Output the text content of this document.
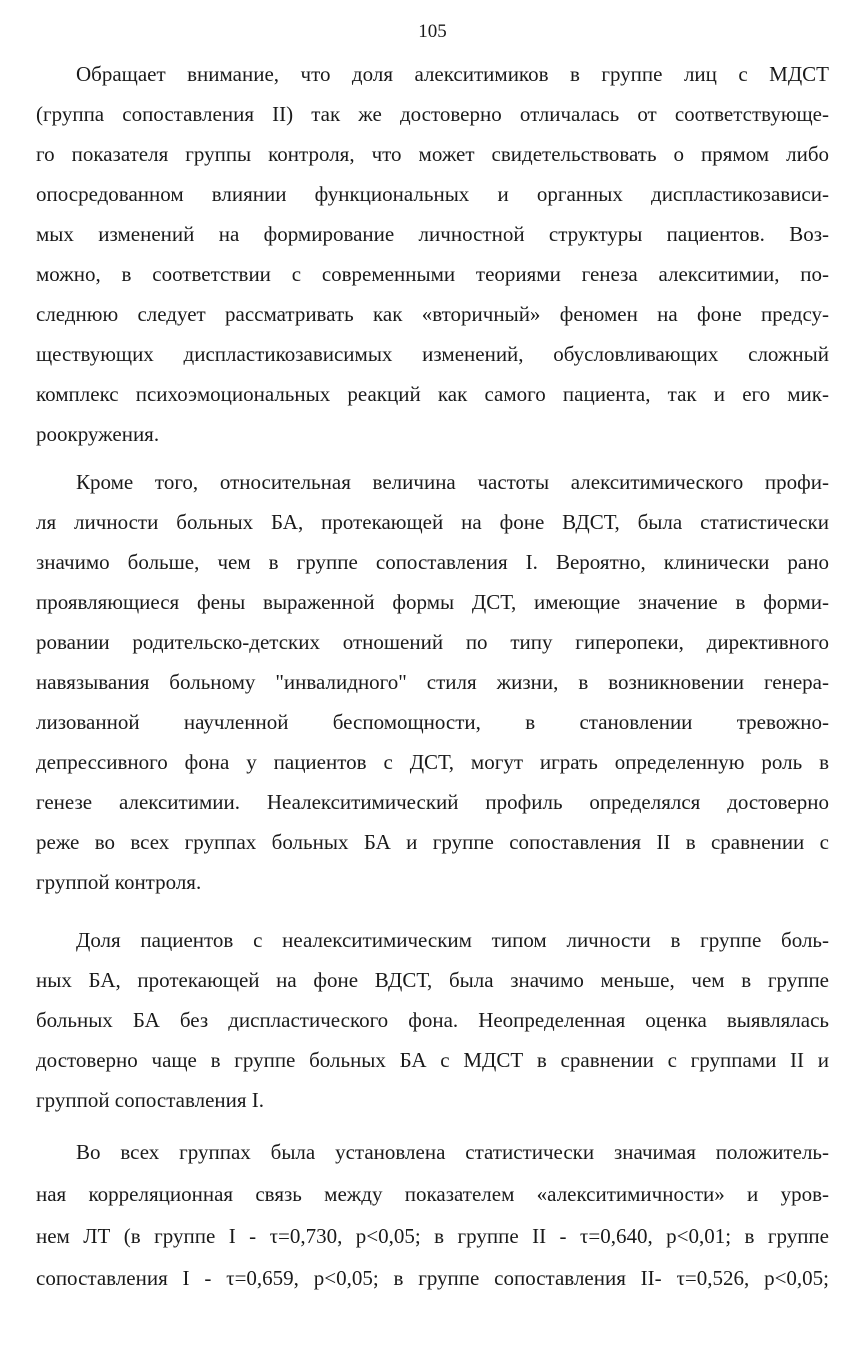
105
Обращает внимание, что доля алекситимиков в группе лиц с МДСТ
(группа сопоставления II) так же достоверно отличалась от соответствующе-
го показателя группы контроля, что может свидетельствовать о прямом либо
опосредованном влиянии функциональных и органных диспластикозависи-
мых изменений на формирование личностной структуры пациентов. Воз-
можно, в соответствии с современными теориями генеза алекситимии, по-
следнюю следует рассматривать как «вторичный» феномен на фоне предсу-
ществующих диспластикозависимых изменений, обусловливающих сложный
комплекс психоэмоциональных реакций как самого пациента, так и его мик-
роокружения.
Кроме того, относительная величина частоты алекситимического профи-
ля личности больных БА, протекающей на фоне ВДСТ, была статистически
значимо больше, чем в группе сопоставления I. Вероятно, клинически рано
проявляющиеся фены выраженной формы ДСТ, имеющие значение в форми-
ровании родительско-детских отношений по типу гиперопеки, директивного
навязывания больному "инвалидного" стиля жизни, в возникновении генера-
лизованной научленной беспомощности, в становлении тревожно-
депрессивного фона у пациентов с ДСТ, могут играть определенную роль в
генезе алекситимии. Неалекситимический профиль определялся достоверно
реже во всех группах больных БА и группе сопоставления II в сравнении с
группой контроля.
Доля пациентов с неалекситимическим типом личности в группе боль-
ных БА, протекающей на фоне ВДСТ, была значимо меньше, чем в группе
больных БА без диспластического фона. Неопределенная оценка выявлялась
достоверно чаще в группе больных БА с МДСТ в сравнении с группами II и
группой сопоставления I.
Во всех группах была установлена статистически значимая положитель-
ная корреляционная связь между показателем «алекситимичности» и уров-
нем ЛТ (в группе I - τ=0,730, p<0,05; в группе II - τ=0,640, p<0,01; в группе
сопоставления I - τ=0,659, p<0,05; в группе сопоставления II- τ=0,526, p<0,05;
